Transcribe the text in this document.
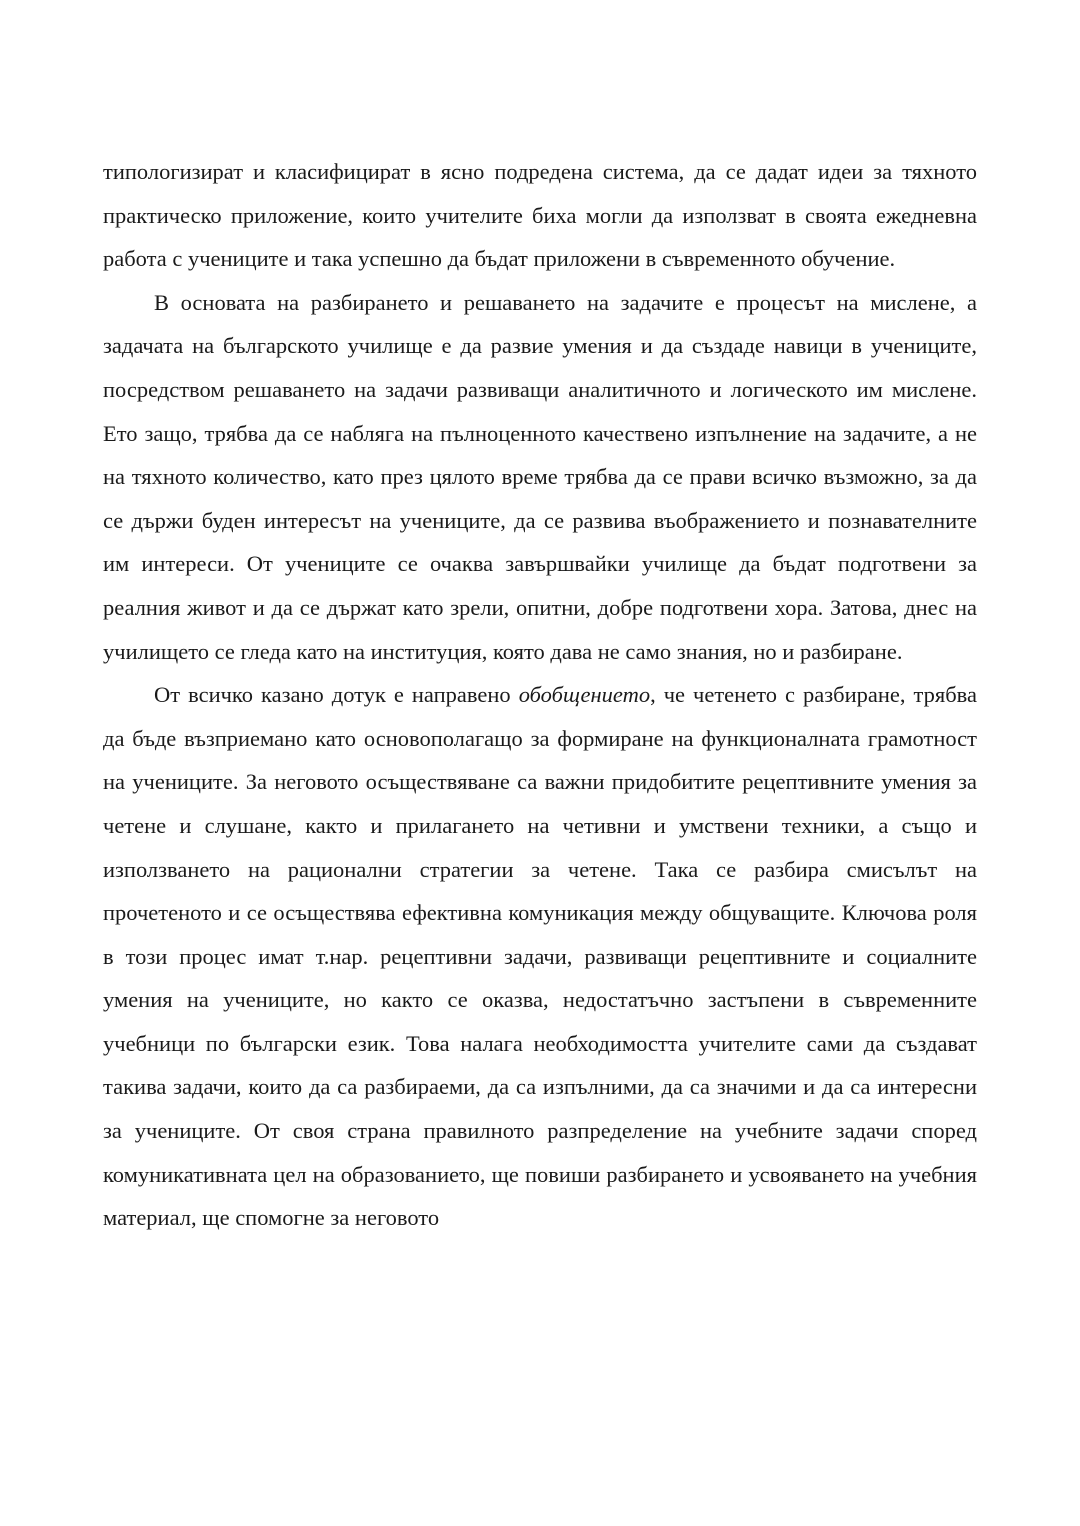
типологизират и класифицират в ясно подредена система, да се дадат идеи за тяхното практическо приложение, които учителите биха могли да използват в своята ежедневна работа с учениците и така успешно да бъдат приложени в съвременното обучение.

В основата на разбирането и решаването на задачите е процесът на мислене, а задачата на българското училище е да развие умения и да създаде навици в учениците, посредством решаването на задачи развиващи аналитичното и логическото им мислене. Ето защо, трябва да се набляга на пълноценното качествено изпълнение на задачите, а не на тяхното количество, като през цялото време трябва да се прави всичко възможно, за да се държи буден интересът на учениците, да се развива въображението и познавателните им интереси. От учениците се очаква завършвайки училище да бъдат подготвени за реалния живот и да се държат като зрели, опитни, добре подготвени хора. Затова, днес на училището се гледа като на институция, която дава не само знания, но и разбиране.

От всичко казано дотук е направено обобщението, че четенето с разбиране, трябва да бъде възприемано като основополагащо за формиране на функционалната грамотност на учениците. За неговото осъществяване са важни придобитите рецептивните умения за четене и слушане, както и прилагането на четивни и умствени техники, а също и използването на рационални стратегии за четене. Така се разбира смисълът на прочетеното и се осъществява ефективна комуникация между общуващите. Ключова роля в този процес имат т.нар. рецептивни задачи, развиващи рецептивните и социалните умения на учениците, но както се оказва, недостатъчно застъпени в съвременните учебници по български език. Това налага необходимостта учителите сами да създават такива задачи, които да са разбираеми, да са изпълними, да са значими и да са интересни за учениците. От своя страна правилното разпределение на учебните задачи според комуникативната цел на образованието, ще повиши разбирането и усвояването на учебния материал, ще спомогне за неговото
